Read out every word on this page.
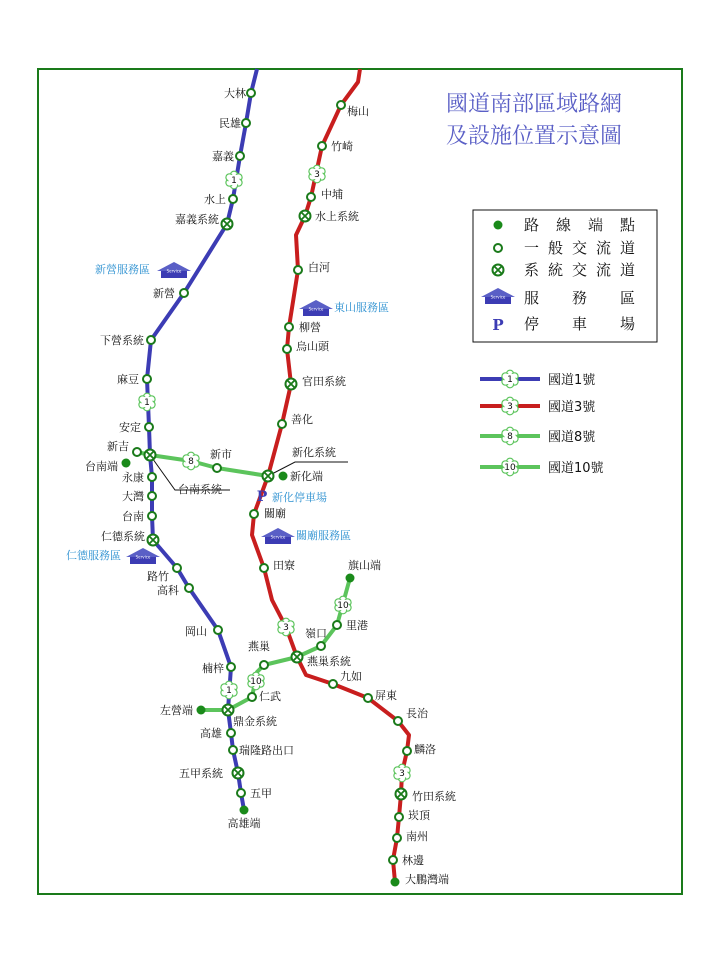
國道南部區域路網
及設施位置示意圖
大林
民雄
嘉義
水上
嘉義系統
新營
下營系統
麻豆
安定
新吉
台南端
永康
大灣
台南
仁德系統
路竹
高科
岡山
楠梓
仁武
左營端
鼎金系統
高雄
瑞隆路出口
五甲系統
五甲
高雄端
梅山
竹崎
中埔
水上系統
白河
柳營
烏山頭
官田系統
善化
新市
台南系統
新化系統
新化端
關廟
田寮	旗山端
里港
嶺口
燕巢
燕巢系統
九如
屏東
長治
麟洛
竹田系統
崁頂
南州
林邊
大鵬灣端
1
1
1
3
3
3
8
10
10
Service
新營服務區
Service 東山服務區
Service 關廟服務區
Service
仁德服務區
P 新化停車場
路線端點
一般交流道
系統交流道
Service 服務區
P 停車場
1	國道1號
3	國道3號
8	國道8號
10 國道10號
